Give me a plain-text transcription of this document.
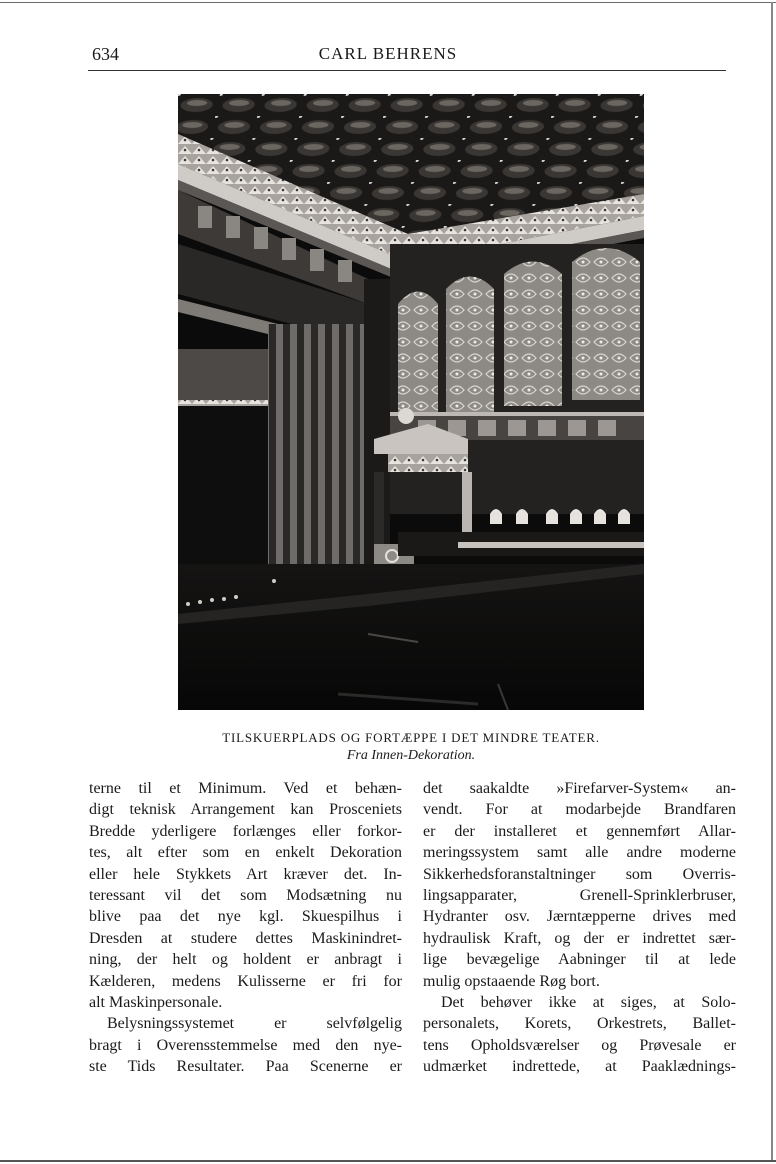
634	CARL BEHRENS
TILSKUERPLADS OG FORTÆPPE I DET MINDRE TEATER.
Fra Innen-Dekoration.
terne til et Minimum. Ved et behæn-
digt teknisk Arrangement kan Prosceniets
Bredde yderligere forlænges eller forkor-
tes, alt efter som en enkelt Dekoration
eller hele Stykkets Art kræver det. In-
teressant vil det som Modsætning nu
blive paa det nye kgl. Skuespilhus i
Dresden at studere dettes Maskinindret-
ning, der helt og holdent er anbragt i
Kælderen, medens Kulisserne er fri for
alt Maskinpersonale.
Belysningssystemet er selvfølgelig
bragt i Overensstemmelse med den nye-
ste Tids Resultater. Paa Scenerne er
det saakaldte »Firefarver-System« an-
vendt. For at modarbejde Brandfaren
er der installeret et gennemført Allar-
meringssystem samt alle andre moderne
Sikkerhedsforanstaltninger som Overris-
lingsapparater, Grenell-Sprinklerbruser,
Hydranter osv. Jærntæpperne drives med
hydraulisk Kraft, og der er indrettet sær-
lige bevægelige Aabninger til at lede
mulig opstaaende Røg bort.
Det behøver ikke at siges, at Solo-
personalets, Korets, Orkestrets, Ballet-
tens Opholdsværelser og Prøvesale er
udmærket indrettede, at Paaklædnings-
